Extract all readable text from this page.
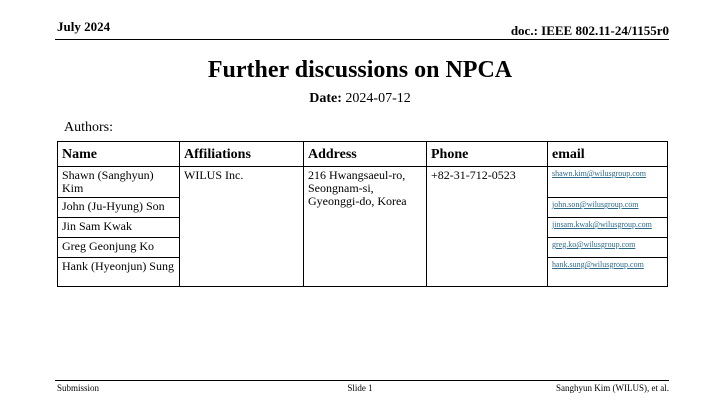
July 2024	doc.: IEEE 802.11-24/1155r0
Further discussions on NPCA
Date: 2024-07-12
Authors:
Name	Affiliations	Address	Phone	email
Shawn (Sanghyun) Kim	WILUS Inc.	216 Hwangsaeul-ro, Seongnam-si, Gyeonggi-do, Korea	+82-31-712-0523	shawn.kim@wilusgroup.com
John (Ju-Hyung) Son				john.son@wilusgroup.com
Jin Sam Kwak				jinsam.kwak@wilusgroup.com
Greg Geonjung Ko				greg.ko@wilusgroup.com
Hank (Hyeonjun) Sung				hank.sung@wilusgroup.com
Submission	Slide 1	Sanghyun Kim (WILUS), et al.
